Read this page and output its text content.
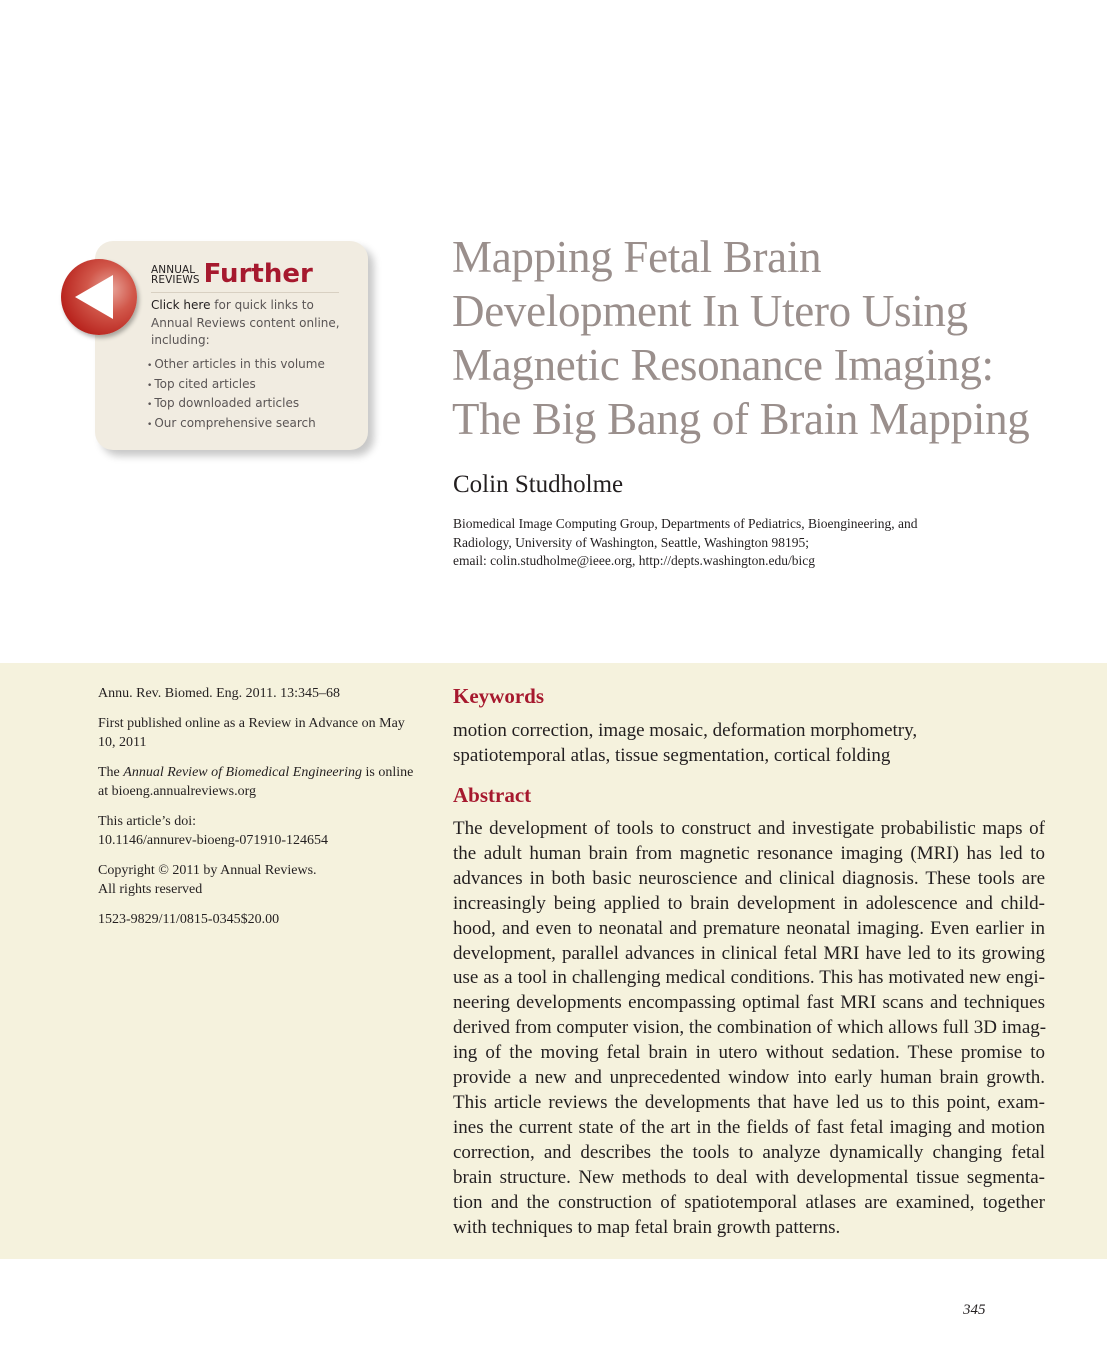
ANNUAL
REVIEWS Further
Click here for quick links to Annual Reviews content online, including:
• Other articles in this volume
• Top cited articles
• Top downloaded articles
• Our comprehensive search
Mapping Fetal Brain
Development In Utero Using
Magnetic Resonance Imaging:
The Big Bang of Brain Mapping
Colin Studholme
Biomedical Image Computing Group, Departments of Pediatrics, Bioengineering, and
Radiology, University of Washington, Seattle, Washington 98195;
email: colin.studholme@ieee.org, http://depts.washington.edu/bicg

Annu. Rev. Biomed. Eng. 2011. 13:345–68

First published online as a Review in Advance on May 10, 2011

The Annual Review of Biomedical Engineering is online at bioeng.annualreviews.org

This article’s doi:
10.1146/annurev-bioeng-071910-124654

Copyright © 2011 by Annual Reviews.
All rights reserved

1523-9829/11/0815-0345$20.00

Keywords
motion correction, image mosaic, deformation morphometry,
spatiotemporal atlas, tissue segmentation, cortical folding
Abstract
The development of tools to construct and investigate probabilistic maps of
the adult human brain from magnetic resonance imaging (MRI) has led to
advances in both basic neuroscience and clinical diagnosis. These tools are
increasingly being applied to brain development in adolescence and child-
hood, and even to neonatal and premature neonatal imaging. Even earlier in
development, parallel advances in clinical fetal MRI have led to its growing
use as a tool in challenging medical conditions. This has motivated new engi-
neering developments encompassing optimal fast MRI scans and techniques
derived from computer vision, the combination of which allows full 3D imag-
ing of the moving fetal brain in utero without sedation. These promise to
provide a new and unprecedented window into early human brain growth.
This article reviews the developments that have led us to this point, exam-
ines the current state of the art in the fields of fast fetal imaging and motion
correction, and describes the tools to analyze dynamically changing fetal
brain structure. New methods to deal with developmental tissue segmenta-
tion and the construction of spatiotemporal atlases are examined, together
with techniques to map fetal brain growth patterns.
345
